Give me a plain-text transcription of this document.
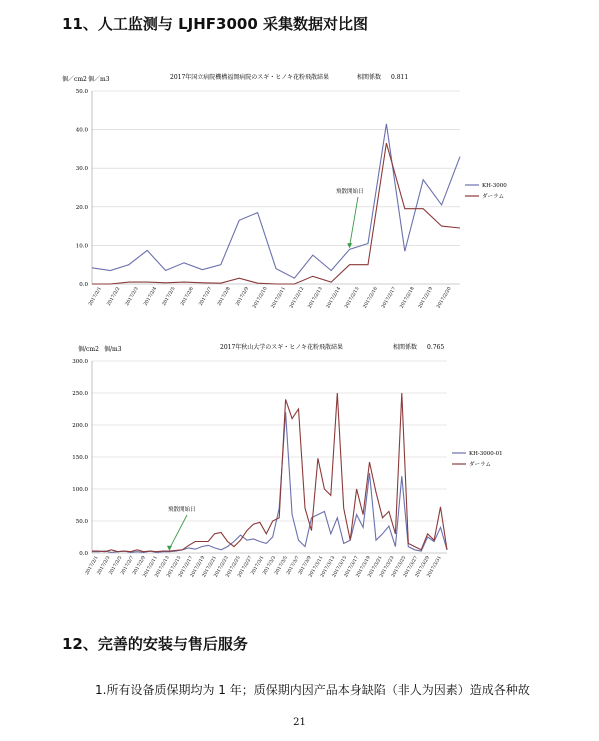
11、人工监测与 LJHF3000 采集数据对比图
個／cm2 個／m3	2017年国立病院機構福岡病院のスギ・ヒノキ花粉飛散結果	相関係数 0.811
0.0
10.0
20.0
30.0
40.0
50.0
2017/2/1 2017/2/2 2017/2/3 2017/2/4 2017/2/5 2017/2/6 2017/2/7 2017/2/8 2017/2/9 2017/2/10 2017/2/11 2017/2/12 2017/2/13 2017/2/14 2017/2/15 2017/2/16 2017/2/17 2017/2/18 2017/2/19 2017/2/20
KH-3000
ダーラム
飛散開始日
個/cm2 個/m3	2017年秋山大学のスギ・ヒノキ花粉飛散結果	相関係数 0.765
0.0
50.0
100.0
150.0
200.0
250.0
300.0
2017/2/1
2017/2/3
2017/2/5
2017/2/7
2017/2/9
2017/2/11
2017/2/13
2017/2/15
2017/2/17
2017/2/19
2017/2/21
2017/2/23
2017/2/25
2017/2/27
2017/3/1
2017/3/3
2017/3/5
2017/3/7
2017/3/9
2017/3/11
2017/3/13
2017/3/15
2017/3/17
2017/3/19
2017/3/21
2017/3/23
2017/3/25
2017/3/27
2017/3/29
2017/3/31
KH-3000-01
ダーラム
飛散開始日
12、完善的安装与售后服务
1.所有设备质保期均为 1 年；质保期内因产品本身缺陷（非人为因素）造成各种故
21
